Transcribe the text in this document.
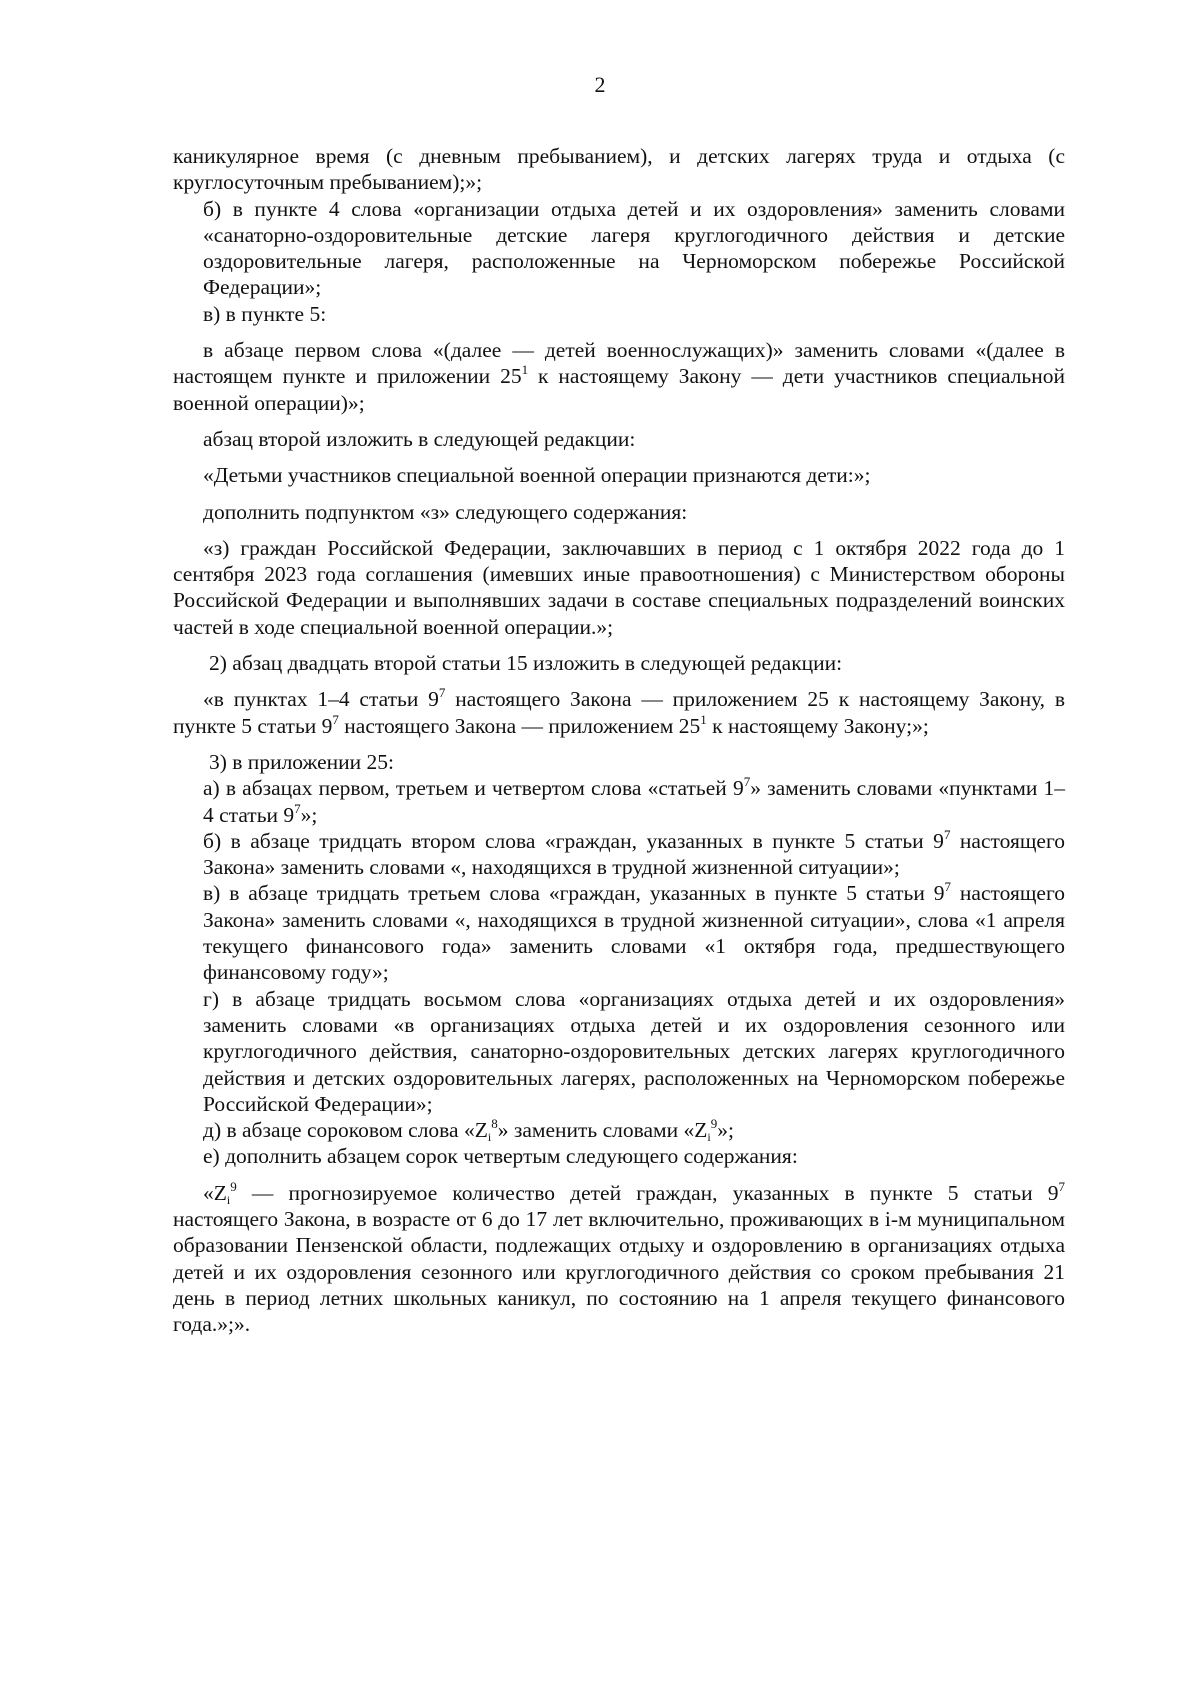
2

каникулярное время (с дневным пребыванием), и детских лагерях труда и отдыха (с круглосуточным пребыванием);»;

б) в пункте 4 слова «организации отдыха детей и их оздоровления» заменить словами «санаторно-оздоровительные детские лагеря круглогодичного действия и детские оздоровительные лагеря, расположенные на Черноморском побережье Российской Федерации»;

в) в пункте 5:

в абзаце первом слова «(далее — детей военнослужащих)» заменить словами «(далее в настоящем пункте и приложении $25^1$ к настоящему Закону — дети участников специальной военной операции)»;

абзац второй изложить в следующей редакции:

«Детьми участников специальной военной операции признаются дети:»;

дополнить подпунктом «з» следующего содержания:

«з) граждан Российской Федерации, заключавших в период с 1 октября 2022 года до 1 сентября 2023 года соглашения (имевших иные правоотношения) с Министерством обороны Российской Федерации и выполнявших задачи в составе специальных подразделений воинских частей в ходе специальной военной операции.»;

2) абзац двадцать второй статьи 15 изложить в следующей редакции:

«в пунктах 1–4 статьи $9^7$ настоящего Закона — приложением 25 к настоящему Закону, в пункте 5 статьи $9^7$ настоящего Закона — приложением $25^1$ к настоящему Закону;»;

3) в приложении 25:

а) в абзацах первом, третьем и четвертом слова «статьей $9^7$» заменить словами «пунктами 1–4 статьи $9^7$»;

б) в абзаце тридцать втором слова «граждан, указанных в пункте 5 статьи $9^7$ настоящего Закона» заменить словами «, находящихся в трудной жизненной ситуации»;

в) в абзаце тридцать третьем слова «граждан, указанных в пункте 5 статьи $9^7$ настоящего Закона» заменить словами «, находящихся в трудной жизненной ситуации», слова «1 апреля текущего финансового года» заменить словами «1 октября года, предшествующего финансовому году»;

г) в абзаце тридцать восьмом слова «организациях отдыха детей и их оздоровления» заменить словами «в организациях отдыха детей и их оздоровления сезонного или круглогодичного действия, санаторно-оздоровительных детских лагерях круглогодичного действия и детских оздоровительных лагерях, расположенных на Черноморском побережье Российской Федерации»;

д) в абзаце сороковом слова «$Z_i^8$» заменить словами «$Z_i^9$»;

е) дополнить абзацем сорок четвертым следующего содержания:

«$Z_i^9$ — прогнозируемое количество детей граждан, указанных в пункте 5 статьи $9^7$ настоящего Закона, в возрасте от 6 до 17 лет включительно, проживающих в i-м муниципальном образовании Пензенской области, подлежащих отдыху и оздоровлению в организациях отдыха детей и их оздоровления сезонного или круглогодичного действия со сроком пребывания 21 день в период летних школьных каникул, по состоянию на 1 апреля текущего финансового года.»;».
